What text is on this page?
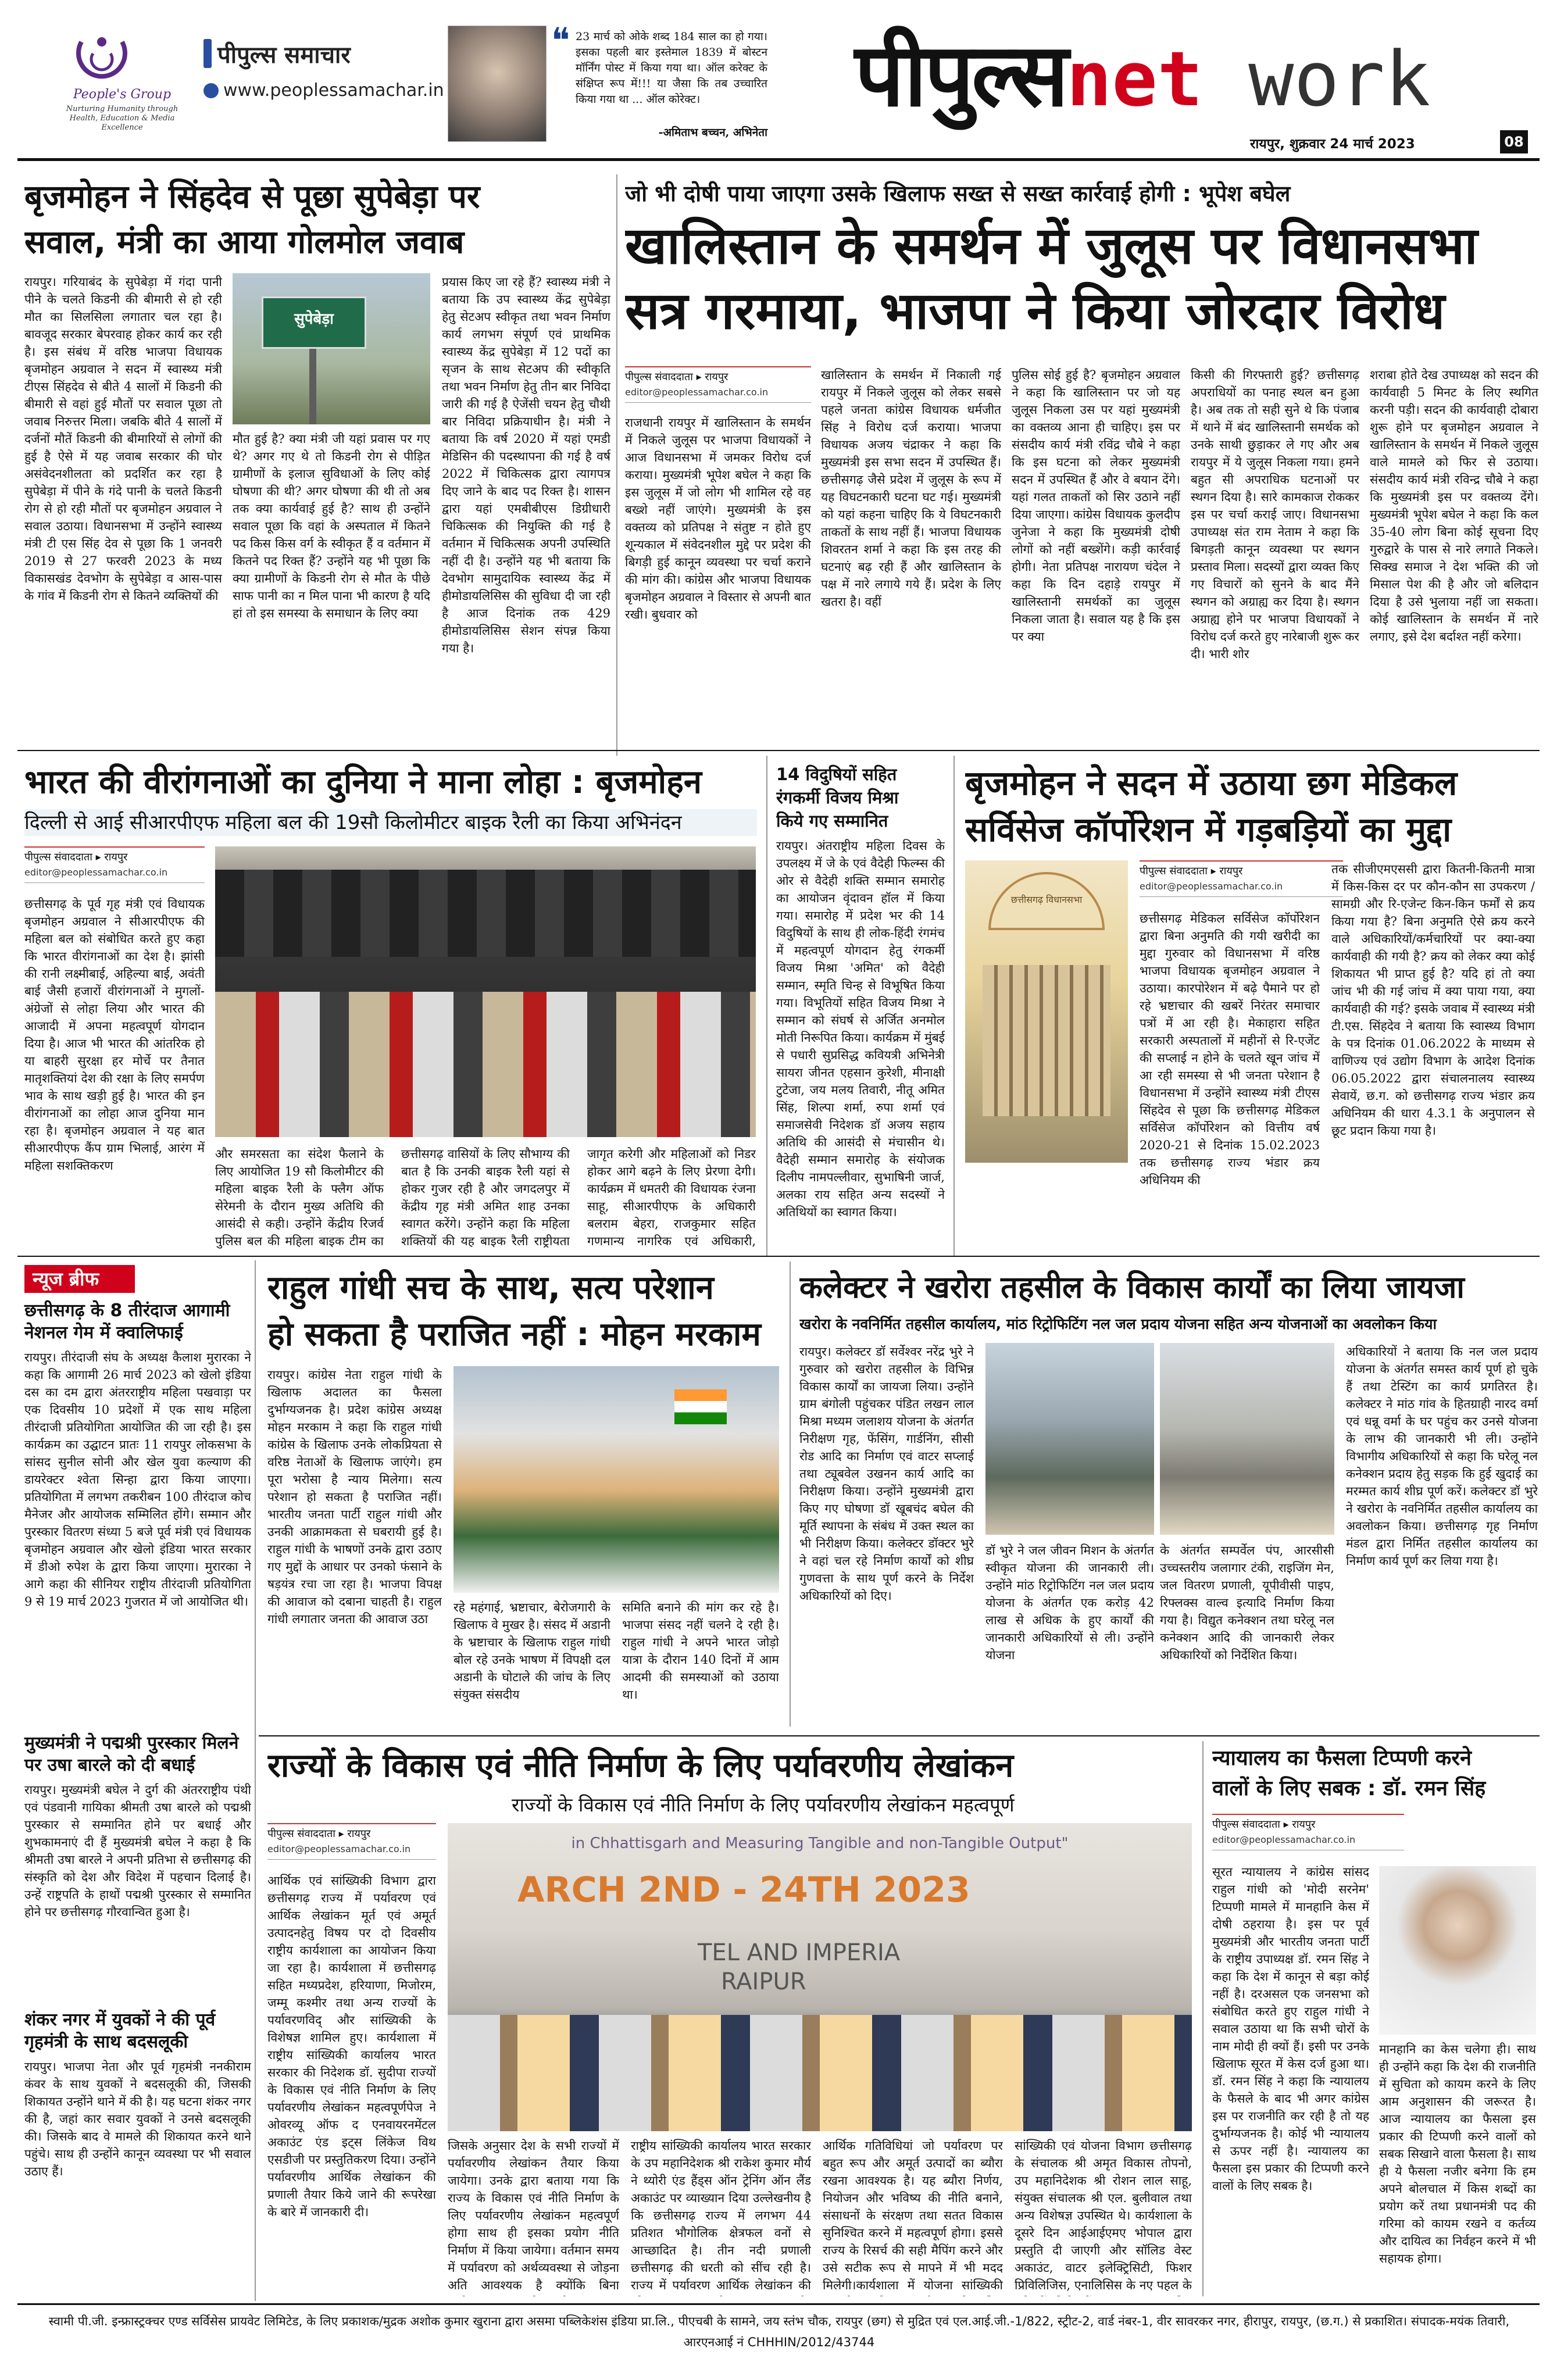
People's Group
Nurturing Humanity through Health, Education & Media Excellence
पीपुल्स समाचार
www.peoplessamachar.in
❝ 23 मार्च को ओके शब्द 184 साल का हो गया। इसका पहली बार इस्तेमाल 1839 में बोस्टन मॉर्निंग पोस्ट में किया गया था। ऑल करेक्ट के संक्षिप्त रूप में!!! या जैसा कि तब उच्चारित किया गया था ... ऑल कोरेक्ट।
-अमिताभ बच्चन, अभिनेता
पीपुल्सnet work
रायपुर, शुक्रवार 24 मार्च 2023	08
बृजमोहन ने सिंहदेव से पूछा सुपेबेड़ा पर
सवाल, मंत्री का आया गोलमोल जवाब
रायपुर। गरियाबंद के सुपेबेड़ा में गंदा पानी पीने के चलते किडनी की बीमारी से हो रही मौत का सिलसिला लगातार चल रहा है। बावजूद सरकार बेपरवाह होकर कार्य कर रही है। इस संबंध में वरिष्ठ भाजपा विधायक बृजमोहन अग्रवाल ने सदन में स्वास्थ्य मंत्री टीएस सिंहदेव से बीते 4 सालों में किडनी की बीमारी से वहां हुई मौतों पर सवाल पूछा तो जवाब निरुत्तर मिला। जबकि बीते 4 सालों में दर्जनों मौतें किडनी की बीमारियों से लोगों की हुई है ऐसे में यह जवाब सरकार की घोर असंवेदनशीलता को प्रदर्शित कर रहा है सुपेबेड़ा में पीने के गंदे पानी के चलते किडनी रोग से हो रही मौतों पर बृजमोहन अग्रवाल ने सवाल उठाया। विधानसभा में उन्होंने स्वास्थ्य मंत्री टी एस सिंह देव से पूछा कि 1 जनवरी 2019 से 27 फरवरी 2023 के मध्य विकासखंड देवभोग के सुपेबेड़ा व आस-पास के गांव में किडनी रोग से कितने व्यक्तियों की
सुपेबेड़ा
मौत हुई है? क्या मंत्री जी यहां प्रवास पर गए थे? अगर गए थे तो किडनी रोग से पीड़ित ग्रामीणों के इलाज सुविधाओं के लिए कोई घोषणा की थी? अगर घोषणा की थी तो अब तक क्या कार्यवाई हुई है? साथ ही उन्होंने सवाल पूछा कि वहां के अस्पताल में कितने पद किस किस वर्ग के स्वीकृत हैं व वर्तमान में कितने पद रिक्त हैं? उन्होंने यह भी पूछा कि क्या ग्रामीणों के किडनी रोग से मौत के पीछे साफ पानी का न मिल पाना भी कारण है यदि हां तो इस समस्या के समाधान के लिए क्या
प्रयास किए जा रहे हैं? स्वास्थ्य मंत्री ने बताया कि उप स्वास्थ्य केंद्र सुपेबेड़ा हेतु सेटअप स्वीकृत तथा भवन निर्माण कार्य लगभग संपूर्ण एवं प्राथमिक स्वास्थ्य केंद्र सुपेबेड़ा में 12 पदों का सृजन के साथ सेटअप की स्वीकृति तथा भवन निर्माण हेतु तीन बार निविदा जारी की गई है ऐजेंसी चयन हेतु चौथी बार निविदा प्रक्रियाधीन है। मंत्री ने बताया कि वर्ष 2020 में यहां एमडी मेडिसिन की पदस्थापना की गई है वर्ष 2022 में चिकित्सक द्वारा त्यागपत्र दिए जाने के बाद पद रिक्त है। शासन द्वारा यहां एमबीबीएस डिग्रीधारी चिकित्सक की नियुक्ति की गई है वर्तमान में चिकित्सक अपनी उपस्थिति नहीं दी है। उन्होंने यह भी बताया कि देवभोग सामुदायिक स्वास्थ्य केंद्र में हीमोडायलिसिस की सुविधा दी जा रही है आज दिनांक तक 429 हीमोडायलिसिस सेशन संपन्न किया गया है।
जो भी दोषी पाया जाएगा उसके खिलाफ सख्त से सख्त कार्रवाई होगी : भूपेश बघेल
खालिस्तान के समर्थन में जुलूस पर विधानसभा
सत्र गरमाया, भाजपा ने किया जोरदार विरोध
पीपुल्स संवाददाता ▸ रायपुर
editor@peoplessamachar.co.in
राजधानी रायपुर में खालिस्तान के समर्थन में निकले जुलूस पर भाजपा विधायकों ने आज विधानसभा में जमकर विरोध दर्ज कराया। मुख्यमंत्री भूपेश बघेल ने कहा कि इस जुलूस में जो लोग भी शामिल रहे वह बख्शे नहीं जाएंगे। मुख्यमंत्री के इस वक्तव्य को प्रतिपक्ष ने संतुष्ट न होते हुए शून्यकाल में संवेदनशील मुद्दे पर प्रदेश की बिगड़ी हुई कानून व्यवस्था पर चर्चा कराने की मांग की। कांग्रेस और भाजपा विधायक बृजमोहन अग्रवाल ने विस्तार से अपनी बात रखी। बुधवार को
खालिस्तान के समर्थन में निकाली गई रायपुर में निकले जुलूस को लेकर सबसे पहले जनता कांग्रेस विधायक धर्मजीत सिंह ने विरोध दर्ज कराया। भाजपा विधायक अजय चंद्राकर ने कहा कि मुख्यमंत्री इस सभा सदन में उपस्थित हैं। छत्तीसगढ़ जैसे प्रदेश में जुलूस के रूप में यह विघटनकारी घटना घट गई। मुख्यमंत्री को यहां कहना चाहिए कि ये विघटनकारी ताकतों के साथ नहीं हैं। भाजपा विधायक शिवरतन शर्मा ने कहा कि इस तरह की घटनाएं बढ़ रही हैं और खालिस्तान के पक्ष में नारे लगाये गये हैं। प्रदेश के लिए खतरा है। वहीं
पुलिस सोई हुई है? बृजमोहन अग्रवाल ने कहा कि खालिस्तान पर जो यह जुलूस निकला उस पर यहां मुख्यमंत्री का वक्तव्य आना ही चाहिए। इस पर संसदीय कार्य मंत्री रविंद्र चौबे ने कहा कि इस घटना को लेकर मुख्यमंत्री सदन में उपस्थित हैं और वे बयान देंगे। यहां गलत ताकतों को सिर उठाने नहीं दिया जाएगा। कांग्रेस विधायक कुलदीप जुनेजा ने कहा कि मुख्यमंत्री दोषी लोगों को नहीं बख्शेंगे। कड़ी कार्रवाई होगी। नेता प्रतिपक्ष नारायण चंदेल ने कहा कि दिन दहाड़े रायपुर में खालिस्तानी समर्थकों का जुलूस निकला जाता है। सवाल यह है कि इस पर क्या
किसी की गिरफ्तारी हुई? छत्तीसगढ़ अपराधियों का पनाह स्थल बन हुआ है। अब तक तो सही सुने थे कि पंजाब में थाने में बंद खालिस्तानी समर्थक को उनके साथी छुड़ाकर ले गए और अब रायपुर में ये जुलूस निकला गया। हमने बहुत सी अपराधिक घटनाओं पर स्थगन दिया है। सारे कामकाज रोककर इस पर चर्चा कराई जाए। विधानसभा उपाध्यक्ष संत राम नेताम ने कहा कि बिगड़ती कानून व्यवस्था पर स्थगन प्रस्ताव मिला। सदस्यों द्वारा व्यक्त किए गए विचारों को सुनने के बाद मैंने स्थगन को अग्राह्य कर दिया है। स्थगन अग्राह्य होने पर भाजपा विधायकों ने विरोध दर्ज करते हुए नारेबाजी शुरू कर दी। भारी शोर
शराबा होते देख उपाध्यक्ष को सदन की कार्यवाही 5 मिनट के लिए स्थगित करनी पड़ी। सदन की कार्यवाही दोबारा शुरू होने पर बृजमोहन अग्रवाल ने खालिस्तान के समर्थन में निकले जुलूस वाले मामले को फिर से उठाया। संसदीय कार्य मंत्री रविन्द्र चौबे ने कहा कि मुख्यमंत्री इस पर वक्तव्य देंगे। मुख्यमंत्री भूपेश बघेल ने कहा कि कल 35-40 लोग बिना कोई सूचना दिए गुरुद्वारे के पास से नारे लगाते निकले। सिक्ख समाज ने देश भक्ति की जो मिसाल पेश की है और जो बलिदान दिया है उसे भुलाया नहीं जा सकता। कोई खालिस्तान के समर्थन में नारे लगाए, इसे देश बर्दाश्त नहीं करेगा।
भारत की वीरांगनाओं का दुनिया ने माना लोहा : बृजमोहन
दिल्ली से आई सीआरपीएफ महिला बल की 19सौ किलोमीटर बाइक रैली का किया अभिनंदन
पीपुल्स संवाददाता ▸ रायपुर
editor@peoplessamachar.co.in
छत्तीसगढ़ के पूर्व गृह मंत्री एवं विधायक बृजमोहन अग्रवाल ने सीआरपीएफ की महिला बल को संबोधित करते हुए कहा कि भारत वीरांगनाओं का देश है। झांसी की रानी लक्ष्मीबाई, अहिल्या बाई, अवंती बाई जैसी हजारों वीरांगनाओं ने मुगलों-अंग्रेजों से लोहा लिया और भारत की आजादी में अपना महत्वपूर्ण योगदान दिया है। आज भी भारत की आंतरिक हो या बाहरी सुरक्षा हर मोर्चे पर तैनात मातृशक्तियां देश की रक्षा के लिए समर्पण भाव के साथ खड़ी हुई है। भारत की इन वीरांगनाओं का लोहा आज दुनिया मान रहा है। बृजमोहन अग्रवाल ने यह बात सीआरपीएफ कैंप ग्राम भिलाई, आरंग में महिला सशक्तिकरण
और समरसता का संदेश फैलाने के लिए आयोजित 19 सौ किलोमीटर की महिला बाइक रैली के फ्लैग ऑफ सेरेमनी के दौरान मुख्य अतिथि की आसंदी से कही। उन्होंने केंद्रीय रिजर्व पुलिस बल की महिला बाइक टीम का
छत्तीसगढ़ वासियों के लिए सौभाग्य की बात है कि उनकी बाइक रैली यहां से होकर गुजर रही है और जगदलपुर में केंद्रीय गृह मंत्री अमित शाह उनका स्वागत करेंगे। उन्होंने कहा कि महिला शक्तियों की यह बाइक रैली राष्ट्रीयता
जागृत करेगी और महिलाओं को निडर होकर आगे बढ़ने के लिए प्रेरणा देगी। कार्यक्रम में धमतरी की विधायक रंजना साहू, सीआरपीएफ के अधिकारी बलराम बेहरा, राजकुमार सहित गणमान्य नागरिक एवं अधिकारी,
14 विदुषियों सहित
रंगकर्मी विजय मिश्रा
किये गए सम्मानित
रायपुर। अंतराष्ट्रीय महिला दिवस के उपलक्ष्य में जे के एवं वैदेही फिल्म्स की ओर से वैदेही शक्ति सम्मान समारोह का आयोजन वृंदावन हॉल में किया गया। समारोह में प्रदेश भर की 14 विदुषियों के साथ ही लोक-हिंदी रंगमंच में महत्वपूर्ण योगदान हेतु रंगकर्मी विजय मिश्रा 'अमित' को वैदेही सम्मान, स्मृति चिन्ह से विभूषित किया गया। विभूतियों सहित विजय मिश्रा ने सम्मान को संघर्ष से अर्जित अनमोल मोती निरूपित किया। कार्यक्रम में मुंबई से पधारी सुप्रसिद्ध कवियत्री अभिनेत्री सायरा जीनत एहसान कुरेशी, मीनाक्षी टुटेजा, जय मलय तिवारी, नीतू अमित सिंह, शिल्पा शर्मा, रुपा शर्मा एवं समाजसेवी निदेशक डॉ अजय सहाय अतिथि की आसंदी से मंचासीन थे। वैदेही सम्मान समारोह के संयोजक दिलीप नामपल्लीवार, सुभाषिनी जार्ज, अलका राय सहित अन्य सदस्यों ने अतिथियों का स्वागत किया।
बृजमोहन ने सदन में उठाया छग मेडिकल
सर्विसेज कॉर्पोरेशन में गड़बड़ियों का मुद्दा
छत्तीसगढ़ विधानसभा
पीपुल्स संवाददाता ▸ रायपुर
editor@peoplessamachar.co.in
छत्तीसगढ़ मेडिकल सर्विसेज कॉर्पोरेशन द्वारा बिना अनुमति की गयी खरीदी का मुद्दा गुरुवार को विधानसभा में वरिष्ठ भाजपा विधायक बृजमोहन अग्रवाल ने उठाया। कारपोरेशन में बढ़े पैमाने पर हो रहे भ्रष्टाचार की खबरें निरंतर समाचार पत्रों में आ रही है। मेकाहारा सहित सरकारी अस्पतालों में महीनों से रि-एजेंट की सप्लाई न होने के चलते खून जांच में आ रही समस्या से भी जनता परेशान है विधानसभा में उन्होंने स्वास्थ्य मंत्री टीएस सिंहदेव से पूछा कि छत्तीसगढ़ मेडिकल सर्विसेज कॉर्पोरेशन को वित्तीय वर्ष 2020-21 से दिनांक 15.02.2023 तक छत्तीसगढ़ राज्य भंडार क्रय अधिनियम की
तक सीजीएमएससी द्वारा कितनी-कितनी मात्रा में किस-किस दर पर कौन-कौन सा उपकरण / सामग्री और रि-एजेन्ट किन-किन फर्मों से क्रय किया गया है? बिना अनुमति ऐसे क्रय करने वाले अधिकारियों/कर्मचारियों पर क्या-क्या कार्यवाही की गयी है? क्रय को लेकर क्या कोई शिकायत भी प्राप्त हुई है? यदि हां तो क्या जांच भी की गई जांच में क्या पाया गया, क्या कार्यवाही की गई? इसके जवाब में स्वास्थ्य मंत्री टी.एस. सिंहदेव ने बताया कि स्वास्थ्य विभाग के पत्र दिनांक 01.06.2022 के माध्यम से वाणिज्य एवं उद्योग विभाग के आदेश दिनांक 06.05.2022 द्वारा संचालनालय स्वास्थ्य सेवायें, छ.ग. को छत्तीसगढ़ राज्य भंडार क्रय अधिनियम की धारा 4.3.1 के अनुपालन से छूट प्रदान किया गया है।
न्यूज ब्रीफ
छत्तीसगढ़ के 8 तीरंदाज आगामी नेशनल गेम में क्वालिफाई
रायपुर। तीरंदाजी संघ के अध्यक्ष कैलाश मुरारका ने कहा कि आगामी 26 मार्च 2023 को खेलो इंडिया दस का दम द्वारा अंतरराष्ट्रीय महिला पखवाड़ा पर एक दिवसीय 10 प्रदेशों में एक साथ महिला तीरंदाजी प्रतियोगिता आयोजित की जा रही है। इस कार्यक्रम का उद्घाटन प्रातः 11 रायपुर लोकसभा के सांसद सुनील सोनी और खेल युवा कल्याण की डायरेक्टर श्वेता सिन्हा द्वारा किया जाएगा। प्रतियोगिता में लगभग तकरीबन 100 तीरंदाज कोच मैनेजर और आयोजक सम्मिलित होंगे। सम्मान और पुरस्कार वितरण संध्या 5 बजे पूर्व मंत्री एवं विधायक बृजमोहन अग्रवाल और खेलो इंडिया भारत सरकार में डीओ रुपेश के द्वारा किया जाएगा। मुरारका ने आगे कहा की सीनियर राष्ट्रीय तीरंदाजी प्रतियोगिता 9 से 19 मार्च 2023 गुजरात में जो आयोजित थी।
मुख्यमंत्री ने पद्मश्री पुरस्कार मिलने पर उषा बारले को दी बधाई
रायपुर। मुख्यमंत्री बघेल ने दुर्ग की अंतरराष्ट्रीय पंथी एवं पंडवानी गायिका श्रीमती उषा बारले को पद्मश्री पुरस्कार से सम्मानित होने पर बधाई और शुभकामनाएं दी हैं मुख्यमंत्री बघेल ने कहा है कि श्रीमती उषा बारले ने अपनी प्रतिभा से छत्तीसगढ़ की संस्कृति को देश और विदेश में पहचान दिलाई है। उन्हें राष्ट्रपति के हाथों पद्मश्री पुरस्कार से सम्मानित होने पर छत्तीसगढ़ गौरवान्वित हुआ है।
शंकर नगर में युवकों ने की पूर्व गृहमंत्री के साथ बदसलूकी
रायपुर। भाजपा नेता और पूर्व गृहमंत्री ननकीराम कंवर के साथ युवकों ने बदसलूकी की, जिसकी शिकायत उन्होंने थाने में की है। यह घटना शंकर नगर की है, जहां कार सवार युवकों ने उनसे बदसलूकी की। जिसके बाद वे मामले की शिकायत करने थाने पहुंचे। साथ ही उन्होंने कानून व्यवस्था पर भी सवाल उठाए हैं।
राहुल गांधी सच के साथ, सत्य परेशान
हो सकता है पराजित नहीं : मोहन मरकाम
रायपुर। कांग्रेस नेता राहुल गांधी के खिलाफ अदालत का फैसला दुर्भाग्यजनक है। प्रदेश कांग्रेस अध्यक्ष मोहन मरकाम ने कहा कि राहुल गांधी कांग्रेस के खिलाफ उनके लोकप्रियता से वरिष्ठ नेताओं के खिलाफ जाएंगे। हम पूरा भरोसा है न्याय मिलेगा। सत्य परेशान हो सकता है पराजित नहीं। भारतीय जनता पार्टी राहुल गांधी और उनकी आक्रामकता से घबरायी हुई है। राहुल गांधी के भाषणों उनके द्वारा उठाए गए मुद्दों के आधार पर उनको फंसाने के षड़यंत्र रचा जा रहा है। भाजपा विपक्ष की आवाज को दबाना चाहती है। राहुल गांधी लगातार जनता की आवाज उठा
रहे महंगाई, भ्रष्टाचार, बेरोजगारी के खिलाफ वे मुखर है। संसद में अडानी के भ्रष्टाचार के खिलाफ राहुल गांधी बोल रहे उनके भाषण में विपक्षी दल अडानी के घोटाले की जांच के लिए संयुक्त संसदीय
समिति बनाने की मांग कर रहे है। भाजपा संसद नहीं चलने दे रही है। राहुल गांधी ने अपने भारत जोड़ो यात्रा के दौरान 140 दिनों में आम आदमी की समस्याओं को उठाया था।
कलेक्टर ने खरोरा तहसील के विकास कार्यों का लिया जायजा
खरोरा के नवनिर्मित तहसील कार्यालय, मांठ रिट्रोफिटिंग नल जल प्रदाय योजना सहित अन्य योजनाओं का अवलोकन किया
रायपुर। कलेक्टर डॉ सर्वेश्वर नरेंद्र भुरे ने गुरुवार को खरोरा तहसील के विभिन्न विकास कार्यों का जायजा लिया। उन्होंने ग्राम बंगोली पहुंचकर पंडित लखन लाल मिश्रा मध्यम जलाशय योजना के अंतर्गत निरीक्षण गृह, फेंसिंग, गार्डनिंग, सीसी रोड आदि का निर्माण एवं वाटर सप्लाई तथा ट्यूबवेल उखनन कार्य आदि का निरीक्षण किया। उन्होंने मुख्यमंत्री द्वारा किए गए घोषणा डॉ खूबचंद बघेल की मूर्ति स्थापना के संबंध में उक्त स्थल का भी निरीक्षण किया। कलेक्टर डॉक्टर भुरे ने वहां चल रहे निर्माण कार्यों को शीघ्र गुणवत्ता के साथ पूर्ण करने के निर्देश अधिकारियों को दिए।
डॉ भुरे ने जल जीवन मिशन के अंतर्गत स्वीकृत योजना की जानकारी ली। उन्होंने मांठ रिट्रोफिटिंग नल जल प्रदाय योजना के अंतर्गत एक करोड़ 42 लाख से अधिक के हुए कार्यों की जानकारी अधिकारियों से ली। उन्होंने योजना
के अंतर्गत सम्पर्वेल पंप, आरसीसी उच्चस्तरीय जलागार टंकी, राइजिंग मेन, जल वितरण प्रणाली, यूपीवीसी पाइप, रिफ्लक्स वाल्व इत्यादि निर्माण किया गया है। विद्युत कनेक्शन तथा घरेलू नल कनेक्शन आदि की जानकारी लेकर अधिकारियों को निर्देशित किया।
अधिकारियों ने बताया कि नल जल प्रदाय योजना के अंतर्गत समस्त कार्य पूर्ण हो चुके हैं तथा टेस्टिंग का कार्य प्रगतिरत है। कलेक्टर ने मांठ गांव के हितग्राही नारद वर्मा एवं धन्नू वर्मा के घर पहुंच कर उनसे योजना के लाभ की जानकारी भी ली। उन्होंने विभागीय अधिकारियों से कहा कि घरेलू नल कनेक्शन प्रदाय हेतु सड़क कि हुई खुदाई का मरम्मत कार्य शीघ्र पूर्ण करें। कलेक्टर डॉ भुरे ने खरोरा के नवनिर्मित तहसील कार्यालय का अवलोकन किया। छत्तीसगढ़ गृह निर्माण मंडल द्वारा निर्मित तहसील कार्यालय का निर्माण कार्य पूर्ण कर लिया गया है।
राज्यों के विकास एवं नीति निर्माण के लिए पर्यावरणीय लेखांकन
राज्यों के विकास एवं नीति निर्माण के लिए पर्यावरणीय लेखांकन महत्वपूर्ण
पीपुल्स संवाददाता ▸ रायपुर
editor@peoplessamachar.co.in
आर्थिक एवं सांख्यिकी विभाग द्वारा छत्तीसगढ़ राज्य में पर्यावरण एवं आर्थिक लेखांकन मूर्त एवं अमूर्त उत्पादनहेतु विषय पर दो दिवसीय राष्ट्रीय कार्यशाला का आयोजन किया जा रहा है। कार्यशाला में छत्तीसगढ़ सहित मध्यप्रदेश, हरियाणा, मिजोरम, जम्मू कश्मीर तथा अन्य राज्यों के पर्यावरणविद् और सांख्यिकी के विशेषज्ञ शामिल हुए। कार्यशाला में राष्ट्रीय सांख्यिकी कार्यालय भारत सरकार की निदेशक डॉ. सुदीपा राज्यों के विकास एवं नीति निर्माण के लिए पर्यावरणीय लेखांकन महत्वपूर्णपेज ने ओवरव्यू ऑफ द एनवायरनमेंटल अकाउंट एंड इट्स लिंकेज विथ एसडीजी पर प्रस्तुतिकरण दिया। उन्होंने पर्यावरणीय आर्थिक लेखांकन की प्रणाली तैयार किये जाने की रूपरेखा के बारे में जानकारी दी।
in Chhattisgarh and Measuring Tangible and non-Tangible Output"
ARCH 2ND - 24TH 2023
TEL AND IMPERIA
RAIPUR
जिसके अनुसार देश के सभी राज्यों में पर्यावरणीय लेखांकन तैयार किया जायेगा। उनके द्वारा बताया गया कि राज्य के विकास एवं नीति निर्माण के लिए पर्यावरणीय लेखांकन महत्वपूर्ण होगा साथ ही इसका प्रयोग नीति निर्माण में किया जायेगा। वर्तमान समय में पर्यावरण को अर्थव्यवस्था से जोड़ना अति आवश्यक है क्योंकि बिना
राष्ट्रीय सांख्यिकी कार्यालय भारत सरकार के उप महानिदेशक श्री राकेश कुमार मौर्य ने थ्योरी एंड हैंड्स ऑन ट्रेनिंग ऑन लैंड अकाउंट पर व्याख्यान दिया उल्लेखनीय है कि छत्तीसगढ़ राज्य में लगभग 44 प्रतिशत भौगोलिक क्षेत्रफल वनों से आच्छादित है। तीन नदी प्रणाली छत्तीसगढ़ की धरती को सींच रही है। राज्य में पर्यावरण आर्थिक लेखांकन की
आर्थिक गतिविधियां जो पर्यावरण पर बहुत रूप और अमूर्त उत्पादों का ब्यौरा रखना आवश्यक है। यह ब्यौरा निर्णय, नियोजन और भविष्य की नीति बनाने, संसाधनों के संरक्षण तथा सतत विकास सुनिश्चित करने में महत्वपूर्ण होगा। इससे राज्य के रिसर्च की सही मैपिंग करने और उसे सटीक रूप से मापने में भी मदद मिलेगी।कार्यशाला में योजना सांख्यिकी
सांख्यिकी एवं योजना विभाग छत्तीसगढ़ के संचालक श्री अमृत विकास तोपनो, उप महानिदेशक श्री रोशन लाल साहू, संयुक्त संचालक श्री एल. बुलीवाल तथा अन्य विशेषज्ञ उपस्थित थे। कार्यशाला के दूसरे दिन आईआईएमए भोपाल द्वारा प्रस्तुति दी जाएगी और सॉलिड वेस्ट अकाउंट, वाटर इलेक्ट्रिसिटी, फिशर प्रिविलिजिस, एनालिसिस के नए पहल के
न्यायालय का फैसला टिप्पणी करने
वालों के लिए सबक : डॉ. रमन सिंह
पीपुल्स संवाददाता ▸ रायपुर
editor@peoplessamachar.co.in
सूरत न्यायालय ने कांग्रेस सांसद राहुल गांधी को 'मोदी सरनेम' टिप्पणी मामले में मानहानि केस में दोषी ठहराया है। इस पर पूर्व मुख्यमंत्री और भारतीय जनता पार्टी के राष्ट्रीय उपाध्यक्ष डॉ. रमन सिंह ने कहा कि देश में कानून से बड़ा कोई नहीं है। दरअसल एक जनसभा को संबोधित करते हुए राहुल गांधी ने सवाल उठाया था कि सभी चोरों के नाम मोदी ही क्यों हैं। इसी पर उनके खिलाफ सूरत में केस दर्ज हुआ था। डॉ. रमन सिंह ने कहा कि न्यायालय के फैसले के बाद भी अगर कांग्रेस इस पर राजनीति कर रही है तो यह दुर्भाग्यजनक है। कोई भी न्यायालय से ऊपर नहीं है। न्यायालय का फैसला इस प्रकार की टिप्पणी करने वालों के लिए सबक है।
मानहानि का केस चलेगा ही। साथ ही उन्होंने कहा कि देश की राजनीति में सुचिता को कायम करने के लिए आम अनुशासन की जरूरत है। आज न्यायालय का फैसला इस प्रकार की टिप्पणी करने वालों को सबक सिखाने वाला फैसला है। साथ ही ये फैसला नजीर बनेगा कि हम अपने बोलचाल में किस शब्दों का प्रयोग करें तथा प्रधानमंत्री पद की गरिमा को कायम रखने व कर्तव्य और दायित्व का निर्वहन करने में भी सहायक होगा।
स्वामी पी.जी. इन्फ्रास्ट्रक्चर एण्ड सर्विसेस प्रायवेट लिमिटेड, के लिए प्रकाशक/मुद्रक अशोक कुमार खुराना द्वारा असमा पब्लिकेशंस इंडिया प्रा.लि., पीएचबी के सामने, जय स्तंभ चौक, रायपुर (छग) से मुद्रित एवं एल.आई.जी.-1/822, स्ट्रीट-2, वार्ड नंबर-1, वीर सावरकर नगर, हीरापुर, रायपुर, (छ.ग.) से प्रकाशित। संपादक-मयंक तिवारी, आरएनआई नं CHHHIN/2012/43744
